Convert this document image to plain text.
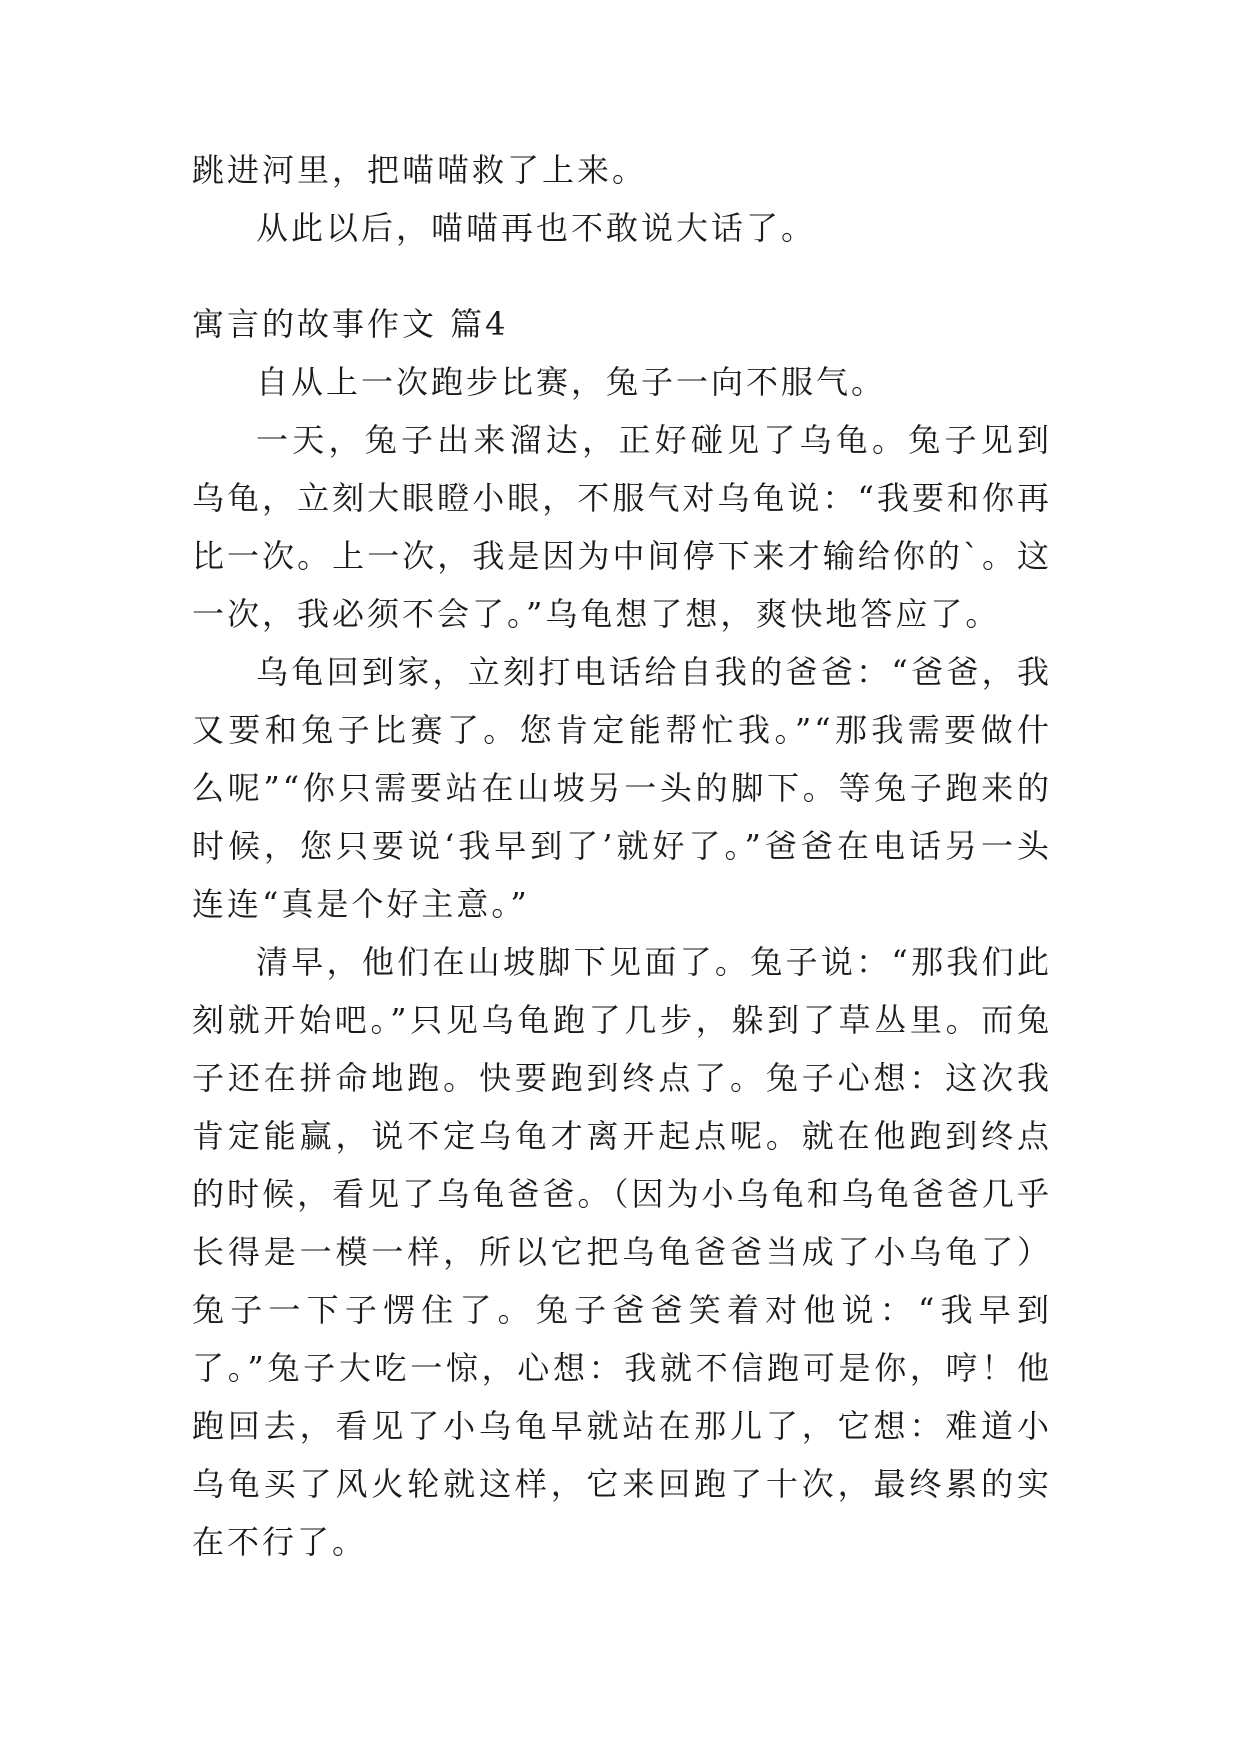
跳进河里，把喵喵救了上来。

从此以后，喵喵再也不敢说大话了。

寓言的故事作文 篇4

自从上一次跑步比赛，兔子一向不服气。

一天，兔子出来溜达，正好碰见了乌龟。兔子见到乌龟，立刻大眼瞪小眼，不服气对乌龟说：“我要和你再比一次。上一次，我是因为中间停下来才输给你的`。这一次，我必须不会了。”乌龟想了想，爽快地答应了。

乌龟回到家，立刻打电话给自我的爸爸：“爸爸，我又要和兔子比赛了。您肯定能帮忙我。”“那我需要做什么呢”“你只需要站在山坡另一头的脚下。等兔子跑来的时候，您只要说‘我早到了’就好了。”爸爸在电话另一头连连“真是个好主意。”

清早，他们在山坡脚下见面了。兔子说：“那我们此刻就开始吧。”只见乌龟跑了几步，躲到了草丛里。而兔子还在拼命地跑。快要跑到终点了。兔子心想：这次我肯定能赢，说不定乌龟才离开起点呢。就在他跑到终点的时候，看见了乌龟爸爸。（因为小乌龟和乌龟爸爸几乎长得是一模一样，所以它把乌龟爸爸当成了小乌龟了）兔子一下子愣住了。兔子爸爸笑着对他说：“我早到了。”兔子大吃一惊，心想：我就不信跑可是你，哼！他跑回去，看见了小乌龟早就站在那儿了，它想：难道小乌龟买了风火轮就这样，它来回跑了十次，最终累的实在不行了。
